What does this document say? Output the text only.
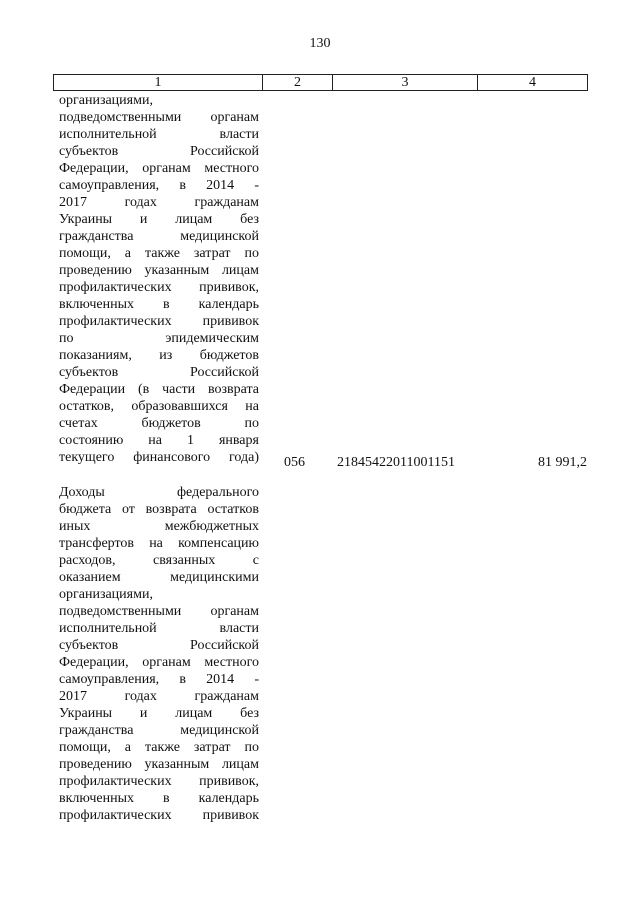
130
1	2	3	4
организациями,
подведомственными органам
исполнительной	власти
субъектов	Российской
Федерации, органам местного
самоуправления, в 2014 -
2017	годах	гражданам
Украины и лицам без
гражданства	медицинской
помощи, а также затрат по
проведению указанным лицам
профилактических прививок,
включенных в календарь
профилактических прививок
по	эпидемическим
показаниям, из бюджетов
субъектов	Российской
Федерации (в части возврата
остатков, образовавшихся на
счетах	бюджетов	по
состоянию на 1 января
текущего финансового года) 056 21845422011001151	81 991,2
Доходы	федерального
бюджета от возврата остатков
иных	межбюджетных
трансфертов на компенсацию
расходов,	связанных	с
оказанием	медицинскими
организациями,
подведомственными органам
исполнительной	власти
субъектов	Российской
Федерации, органам местного
самоуправления, в 2014 -
2017	годах	гражданам
Украины и лицам без
гражданства	медицинской
помощи, а также затрат по
проведению указанным лицам
профилактических прививок,
включенных в календарь
профилактических прививок
